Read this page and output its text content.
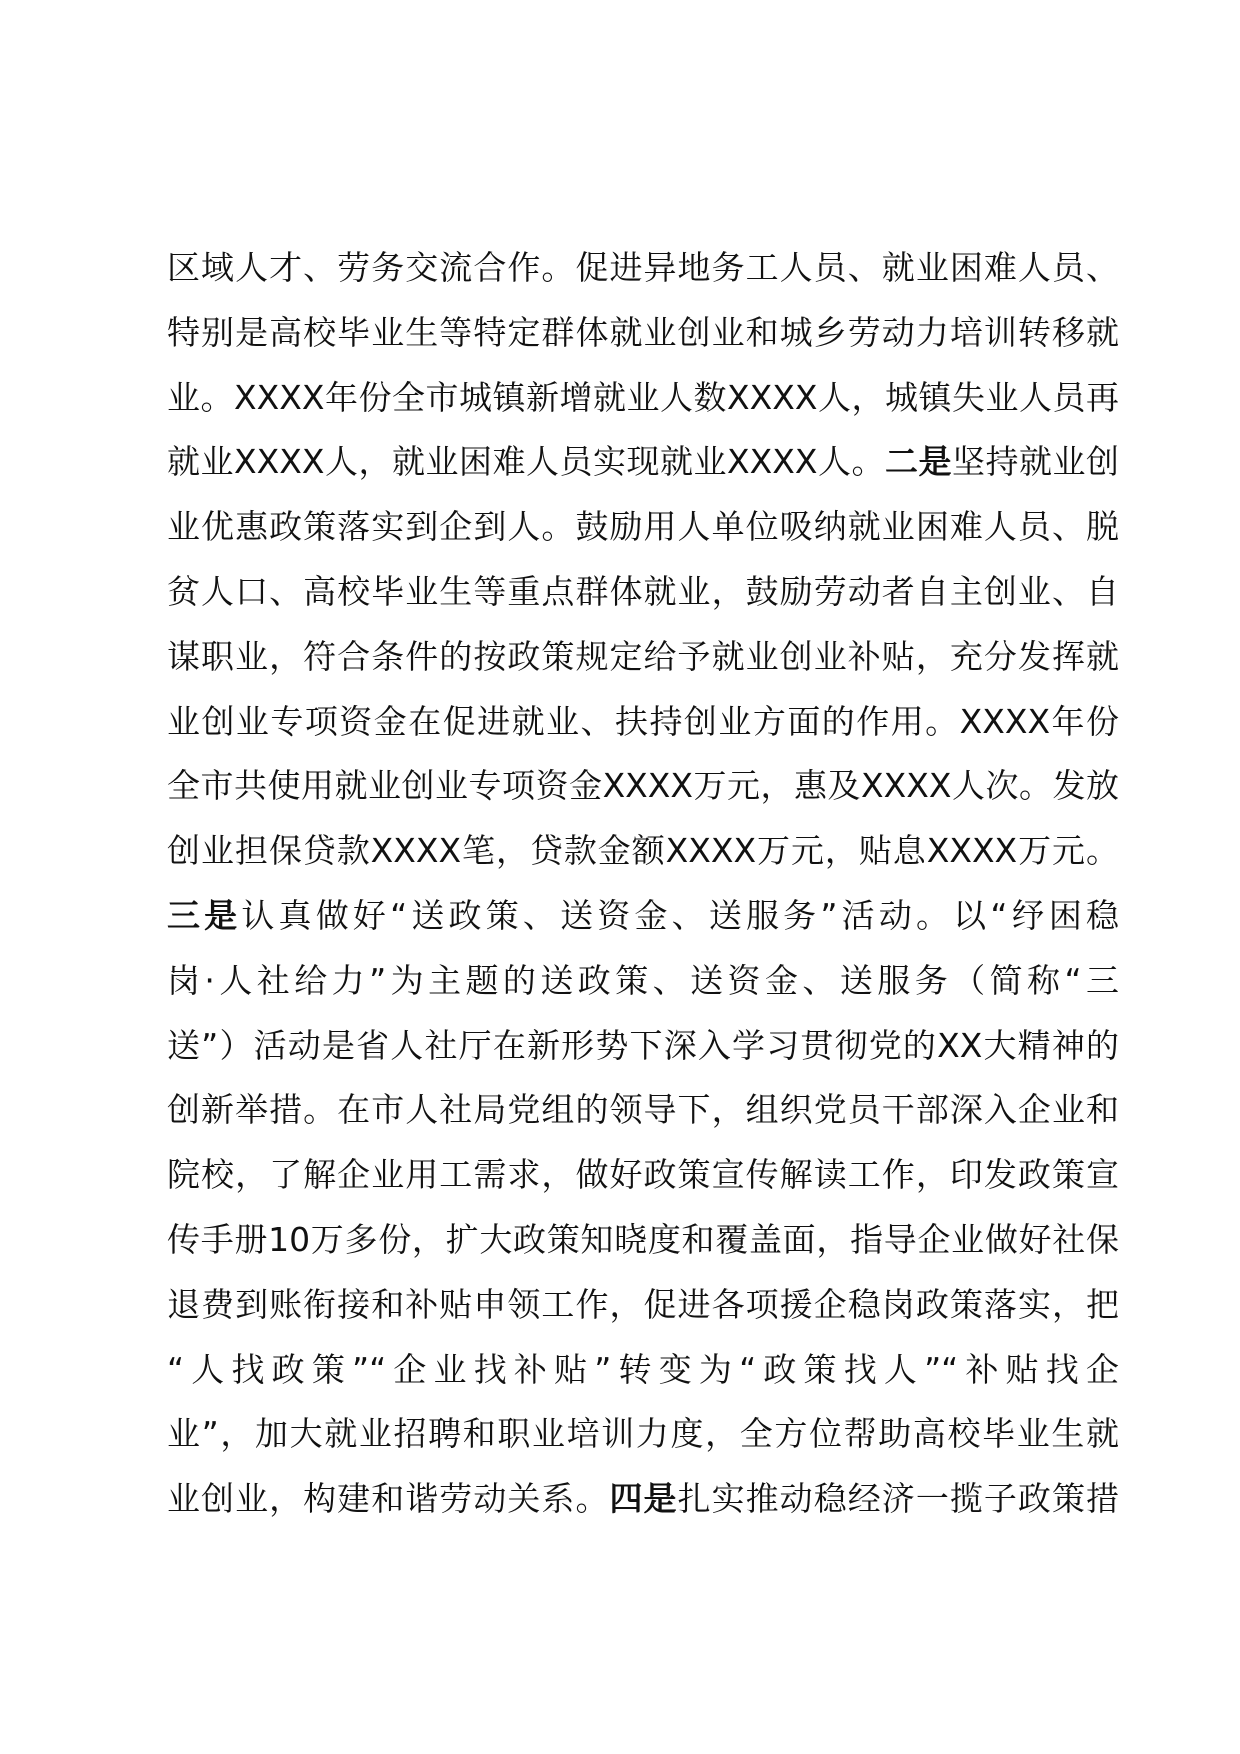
区域人才、劳务交流合作。促进异地务工人员、就业困难人员、
特别是高校毕业生等特定群体就业创业和城乡劳动力培训转移就
业。XXXX年份全市城镇新增就业人数XXXX人，城镇失业人员再
就业XXXX人，就业困难人员实现就业XXXX人。二是坚持就业创
业优惠政策落实到企到人。鼓励用人单位吸纳就业困难人员、脱
贫人口、高校毕业生等重点群体就业，鼓励劳动者自主创业、自
谋职业，符合条件的按政策规定给予就业创业补贴，充分发挥就
业创业专项资金在促进就业、扶持创业方面的作用。XXXX年份
全市共使用就业创业专项资金XXXX万元，惠及XXXX人次。发放
创业担保贷款XXXX笔，贷款金额XXXX万元，贴息XXXX万元。
三是认真做好“送政策、送资金、送服务”活动。以“纾困稳
岗·人社给力”为主题的送政策、送资金、送服务（简称“三
送”）活动是省人社厅在新形势下深入学习贯彻党的XX大精神的
创新举措。在市人社局党组的领导下，组织党员干部深入企业和
院校，了解企业用工需求，做好政策宣传解读工作，印发政策宣
传手册10万多份，扩大政策知晓度和覆盖面，指导企业做好社保
退费到账衔接和补贴申领工作，促进各项援企稳岗政策落实，把
“人找政策”“企业找补贴”转变为“政策找人”“补贴找企
业”，加大就业招聘和职业培训力度，全方位帮助高校毕业生就
业创业，构建和谐劳动关系。四是扎实推动稳经济一揽子政策措
